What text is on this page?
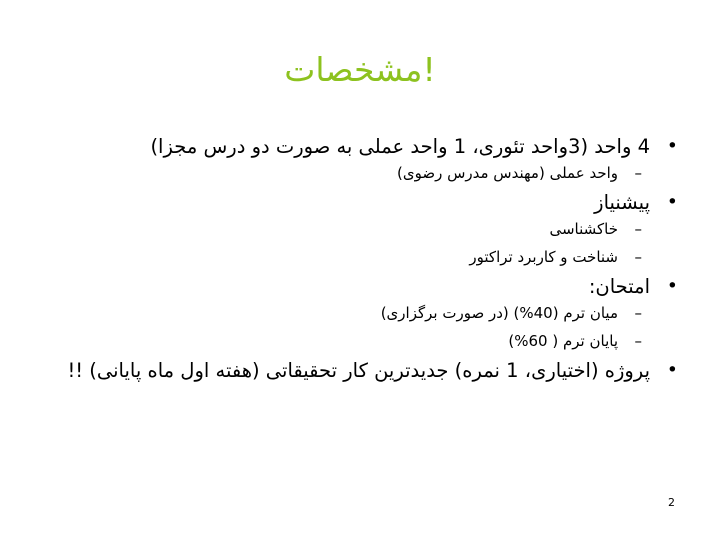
!مشخصات
•
4 واحد (3واحد تئوری، 1 واحد عملی به صورت دو درس مجزا)
–
واحد عملی (مهندس مدرس رضوی)
•
پیشنیاز
–
خاکشناسی
–
شناخت و کاربرد تراکتور
•
امتحان:
–
میان ترم (40%) (در صورت برگزاری)
–
پایان ترم ( 60%)
•
پروژه (اختیاری، 1 نمره) جدیدترین کار تحقیقاتی (هفته اول ماه پایانی) !!
2
